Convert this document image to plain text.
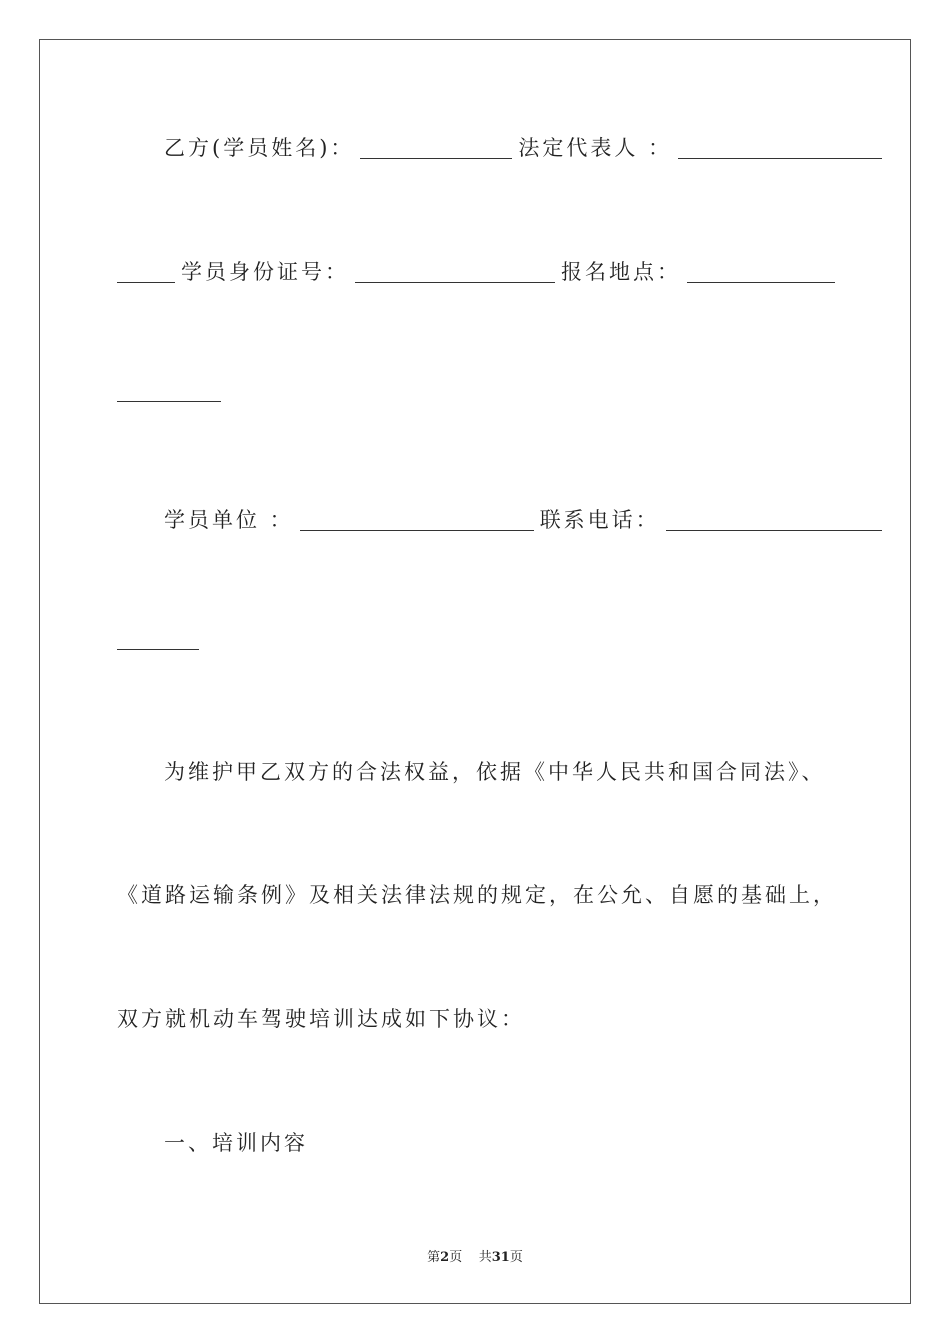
乙方(学员姓名)：	法定代表人 ：
学员身份证号：	报名地点：
学员单位 ：	联系电话：
为维护甲乙双方的合法权益，依据《中华人民共和国合同法》、
《道路运输条例》及相关法律法规的规定，在公允、自愿的基础上，
双方就机动车驾驶培训达成如下协议：
一、培训内容
第2页 共31页
